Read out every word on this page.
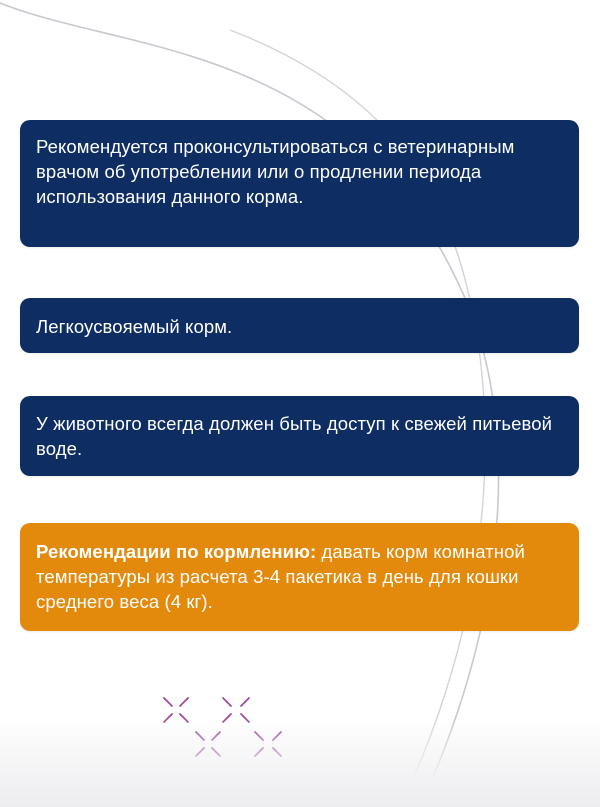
Рекомендуется проконсультироваться с ветеринарным врачом об употреблении или о продлении периода использования данного корма.
Легкоусвояемый корм.
У животного всегда должен быть доступ к свежей питьевой воде.
Рекомендации по кормлению: давать корм комнатной температуры из расчета 3-4 пакетика в день для кошки среднего веса (4 кг).
